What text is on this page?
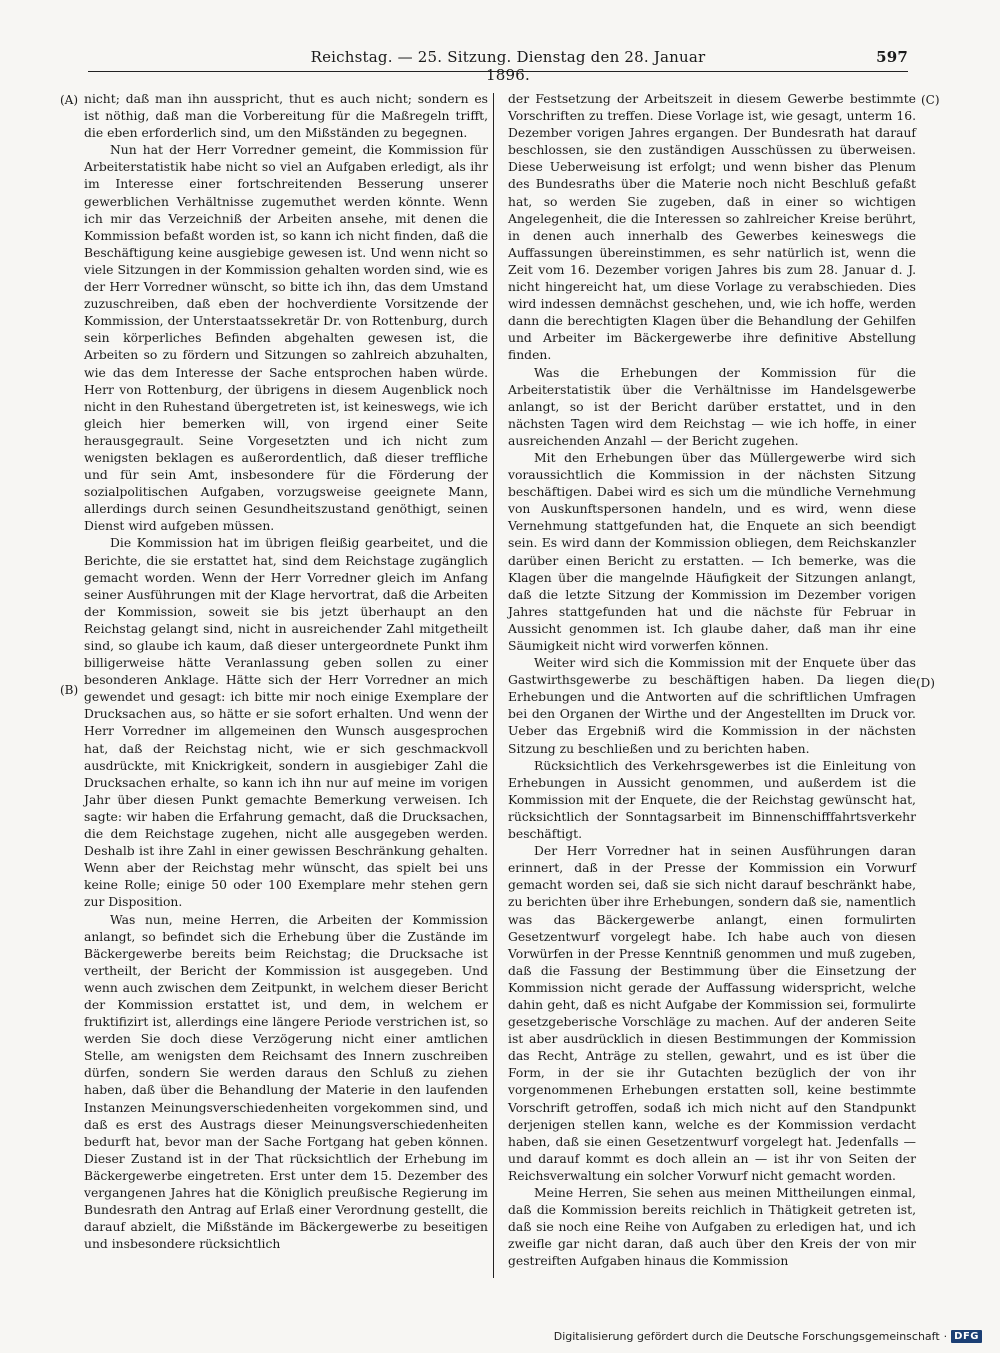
Reichstag. — 25. Sitzung. Dienstag den 28. Januar 1896.
597
(A)
(B)
(C)
(D)

nicht; daß man ihn ausspricht, thut es auch nicht; sondern es ist nöthig, daß man die Vorbereitung für die Maßregeln trifft, die eben erforderlich sind, um den Mißständen zu begegnen.

Nun hat der Herr Vorredner gemeint, die Kommission für Arbeiterstatistik habe nicht so viel an Aufgaben erledigt, als ihr im Interesse einer fortschreitenden Besserung unserer gewerblichen Verhältnisse zugemuthet werden könnte. Wenn ich mir das Verzeichniß der Arbeiten ansehe, mit denen die Kommission befaßt worden ist, so kann ich nicht finden, daß die Beschäftigung keine ausgiebige gewesen ist. Und wenn nicht so viele Sitzungen in der Kommission gehalten worden sind, wie es der Herr Vorredner wünscht, so bitte ich ihn, das dem Umstand zuzuschreiben, daß eben der hochverdiente Vorsitzende der Kommission, der Unterstaatssekretär Dr. von Rottenburg, durch sein körperliches Befinden abgehalten gewesen ist, die Arbeiten so zu fördern und Sitzungen so zahlreich abzuhalten, wie das dem Interesse der Sache entsprochen haben würde. Herr von Rottenburg, der übrigens in diesem Augenblick noch nicht in den Ruhestand übergetreten ist, ist keineswegs, wie ich gleich hier bemerken will, von irgend einer Seite herausgegrault. Seine Vorgesetzten und ich nicht zum wenigsten beklagen es außerordentlich, daß dieser treffliche und für sein Amt, insbesondere für die Förderung der sozialpolitischen Aufgaben, vorzugsweise geeignete Mann, allerdings durch seinen Gesundheitszustand genöthigt, seinen Dienst wird aufgeben müssen.

Die Kommission hat im übrigen fleißig gearbeitet, und die Berichte, die sie erstattet hat, sind dem Reichstage zugänglich gemacht worden. Wenn der Herr Vorredner gleich im Anfang seiner Ausführungen mit der Klage hervortrat, daß die Arbeiten der Kommission, soweit sie bis jetzt überhaupt an den Reichstag gelangt sind, nicht in ausreichender Zahl mitgetheilt sind, so glaube ich kaum, daß dieser untergeordnete Punkt ihm billigerweise hätte Veranlassung geben sollen zu einer besonderen Anklage. Hätte sich der Herr Vorredner an mich gewendet und gesagt: ich bitte mir noch einige Exemplare der Drucksachen aus, so hätte er sie sofort erhalten. Und wenn der Herr Vorredner im allgemeinen den Wunsch ausgesprochen hat, daß der Reichstag nicht, wie er sich geschmackvoll ausdrückte, mit Knickrigkeit, sondern in ausgiebiger Zahl die Drucksachen erhalte, so kann ich ihn nur auf meine im vorigen Jahr über diesen Punkt gemachte Bemerkung verweisen. Ich sagte: wir haben die Erfahrung gemacht, daß die Drucksachen, die dem Reichstage zugehen, nicht alle ausgegeben werden. Deshalb ist ihre Zahl in einer gewissen Beschränkung gehalten. Wenn aber der Reichstag mehr wünscht, das spielt bei uns keine Rolle; einige 50 oder 100 Exemplare mehr stehen gern zur Disposition.

Was nun, meine Herren, die Arbeiten der Kommission anlangt, so befindet sich die Erhebung über die Zustände im Bäckergewerbe bereits beim Reichstag; die Drucksache ist vertheilt, der Bericht der Kommission ist ausgegeben. Und wenn auch zwischen dem Zeitpunkt, in welchem dieser Bericht der Kommission erstattet ist, und dem, in welchem er fruktifizirt ist, allerdings eine längere Periode verstrichen ist, so werden Sie doch diese Verzögerung nicht einer amtlichen Stelle, am wenigsten dem Reichsamt des Innern zuschreiben dürfen, sondern Sie werden daraus den Schluß zu ziehen haben, daß über die Behandlung der Materie in den laufenden Instanzen Meinungsverschiedenheiten vorgekommen sind, und daß es erst des Austrags dieser Meinungsverschiedenheiten bedurft hat, bevor man der Sache Fortgang hat geben können. Dieser Zustand ist in der That rücksichtlich der Erhebung im Bäckergewerbe eingetreten. Erst unter dem 15. Dezember des vergangenen Jahres hat die Königlich preußische Regierung im Bundesrath den Antrag auf Erlaß einer Verordnung gestellt, die darauf abzielt, die Mißstände im Bäckergewerbe zu beseitigen und insbesondere rücksichtlich

der Festsetzung der Arbeitszeit in diesem Gewerbe bestimmte Vorschriften zu treffen. Diese Vorlage ist, wie gesagt, unterm 16. Dezember vorigen Jahres ergangen. Der Bundesrath hat darauf beschlossen, sie den zuständigen Ausschüssen zu überweisen. Diese Ueberweisung ist erfolgt; und wenn bisher das Plenum des Bundesraths über die Materie noch nicht Beschluß gefaßt hat, so werden Sie zugeben, daß in einer so wichtigen Angelegenheit, die die Interessen so zahlreicher Kreise berührt, in denen auch innerhalb des Gewerbes keineswegs die Auffassungen übereinstimmen, es sehr natürlich ist, wenn die Zeit vom 16. Dezember vorigen Jahres bis zum 28. Januar d. J. nicht hingereicht hat, um diese Vorlage zu verabschieden. Dies wird indessen demnächst geschehen, und, wie ich hoffe, werden dann die berechtigten Klagen über die Behandlung der Gehilfen und Arbeiter im Bäckergewerbe ihre definitive Abstellung finden.

Was die Erhebungen der Kommission für die Arbeiterstatistik über die Verhältnisse im Handelsgewerbe anlangt, so ist der Bericht darüber erstattet, und in den nächsten Tagen wird dem Reichstag — wie ich hoffe, in einer ausreichenden Anzahl — der Bericht zugehen.

Mit den Erhebungen über das Müllergewerbe wird sich voraussichtlich die Kommission in der nächsten Sitzung beschäftigen. Dabei wird es sich um die mündliche Vernehmung von Auskunftspersonen handeln, und es wird, wenn diese Vernehmung stattgefunden hat, die Enquete an sich beendigt sein. Es wird dann der Kommission obliegen, dem Reichskanzler darüber einen Bericht zu erstatten. — Ich bemerke, was die Klagen über die mangelnde Häufigkeit der Sitzungen anlangt, daß die letzte Sitzung der Kommission im Dezember vorigen Jahres stattgefunden hat und die nächste für Februar in Aussicht genommen ist. Ich glaube daher, daß man ihr eine Säumigkeit nicht wird vorwerfen können.

Weiter wird sich die Kommission mit der Enquete über das Gastwirthsgewerbe zu beschäftigen haben. Da liegen die Erhebungen und die Antworten auf die schriftlichen Umfragen bei den Organen der Wirthe und der Angestellten im Druck vor. Ueber das Ergebniß wird die Kommission in der nächsten Sitzung zu beschließen und zu berichten haben.

Rücksichtlich des Verkehrsgewerbes ist die Einleitung von Erhebungen in Aussicht genommen, und außerdem ist die Kommission mit der Enquete, die der Reichstag gewünscht hat, rücksichtlich der Sonntagsarbeit im Binnenschifffahrtsverkehr beschäftigt.

Der Herr Vorredner hat in seinen Ausführungen daran erinnert, daß in der Presse der Kommission ein Vorwurf gemacht worden sei, daß sie sich nicht darauf beschränkt habe, zu berichten über ihre Erhebungen, sondern daß sie, namentlich was das Bäckergewerbe anlangt, einen formulirten Gesetzentwurf vorgelegt habe. Ich habe auch von diesen Vorwürfen in der Presse Kenntniß genommen und muß zugeben, daß die Fassung der Bestimmung über die Einsetzung der Kommission nicht gerade der Auffassung widerspricht, welche dahin geht, daß es nicht Aufgabe der Kommission sei, formulirte gesetzgeberische Vorschläge zu machen. Auf der anderen Seite ist aber ausdrücklich in diesen Bestimmungen der Kommission das Recht, Anträge zu stellen, gewahrt, und es ist über die Form, in der sie ihr Gutachten bezüglich der von ihr vorgenommenen Erhebungen erstatten soll, keine bestimmte Vorschrift getroffen, sodaß ich mich nicht auf den Standpunkt derjenigen stellen kann, welche es der Kommission verdacht haben, daß sie einen Gesetzentwurf vorgelegt hat. Jedenfalls — und darauf kommt es doch allein an — ist ihr von Seiten der Reichsverwaltung ein solcher Vorwurf nicht gemacht worden.

Meine Herren, Sie sehen aus meinen Mittheilungen einmal, daß die Kommission bereits reichlich in Thätigkeit getreten ist, daß sie noch eine Reihe von Aufgaben zu erledigen hat, und ich zweifle gar nicht daran, daß auch über den Kreis der von mir gestreiften Aufgaben hinaus die Kommission

Digitalisierung gefördert durch die Deutsche Forschungsgemeinschaft · DFG
